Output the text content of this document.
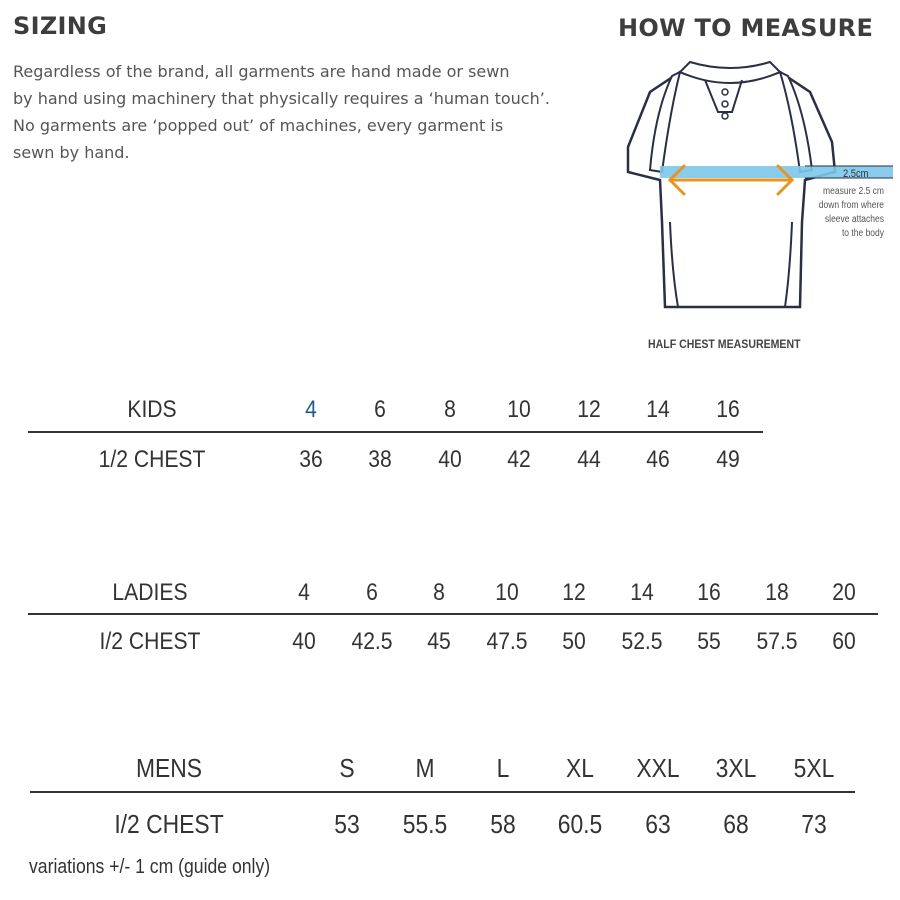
SIZING
Regardless of the brand, all garments are hand made or sewn
by hand using machinery that physically requires a ‘human touch’.
No garments are ‘popped out’ of machines, every garment is
sewn by hand.
HOW TO MEASURE
2.5cm
measure 2.5 cm
down from where
sleeve attaches
to the body
HALF CHEST MEASUREMENT
KIDS	4 6 8 10 12 14 16
1/2 CHEST	36 38 40 42 44 46 49
LADIES	4 6 8 10 12 14 16 18 20
I/2 CHEST	40 42.5 45 47.5 50 52.5 55 57.5 60
MENS	S M L XL XXL 3XL 5XL
I/2 CHEST	53 55.5 58 60.5 63 68 73
variations +/- 1 cm (guide only)
